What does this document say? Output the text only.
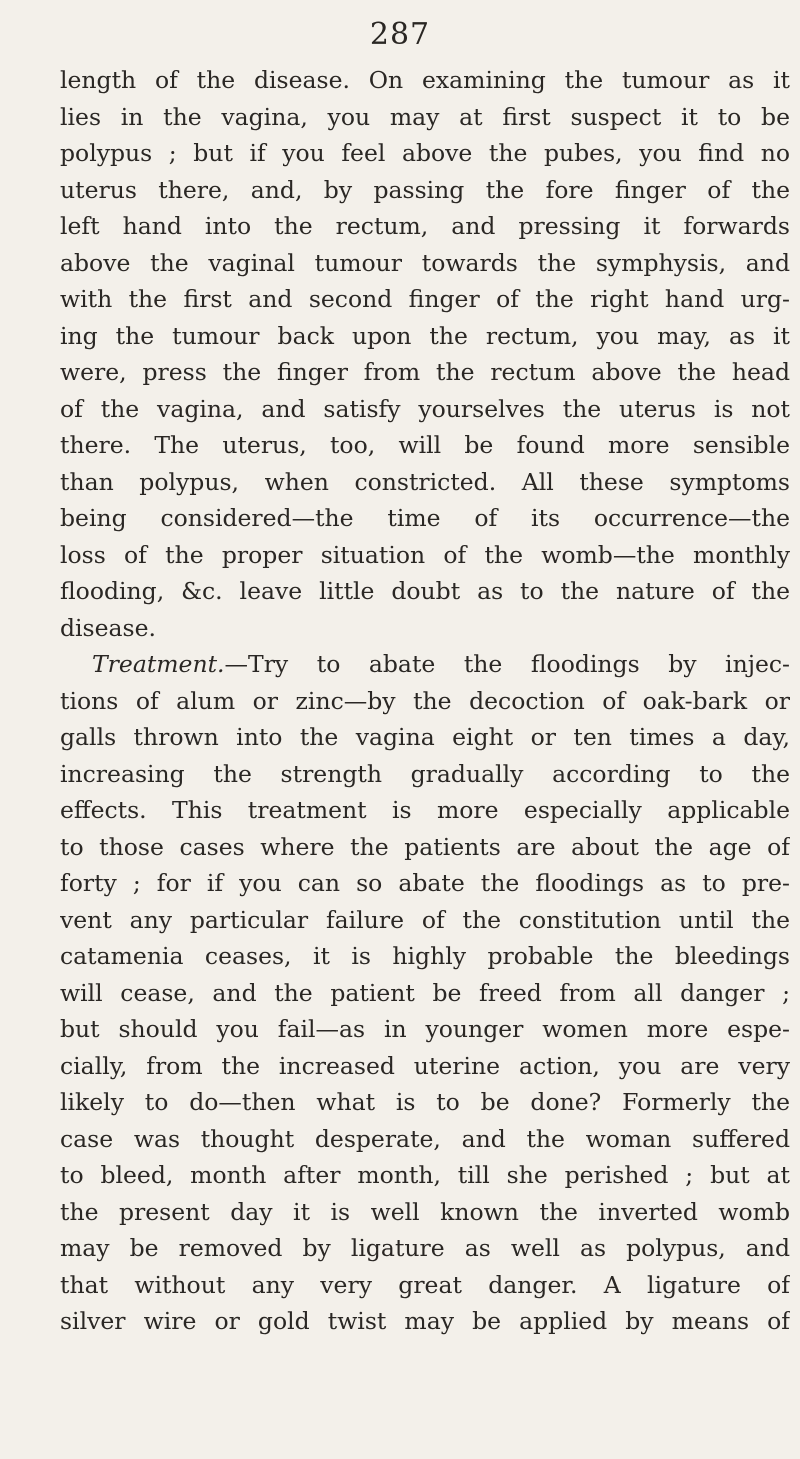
287
length of the disease. On examining the tumour as it
lies in the vagina, you may at first suspect it to be
polypus ; but if you feel above the pubes, you find no
uterus there, and, by passing the fore finger of the
left hand into the rectum, and pressing it forwards
above the vaginal tumour towards the symphysis, and
with the first and second finger of the right hand urg-
ing the tumour back upon the rectum, you may, as it
were, press the finger from the rectum above the head
of the vagina, and satisfy yourselves the uterus is not
there. The uterus, too, will be found more sensible
than polypus, when constricted. All these symptoms
being considered—the time of its occurrence—the
loss of the proper situation of the womb—the monthly
flooding, &c. leave little doubt as to the nature of the
disease.
Treatment.—Try to abate the floodings by injec-
tions of alum or zinc—by the decoction of oak-bark or
galls thrown into the vagina eight or ten times a day,
increasing the strength gradually according to the
effects. This treatment is more especially applicable
to those cases where the patients are about the age of
forty ; for if you can so abate the floodings as to pre-
vent any particular failure of the constitution until the
catamenia ceases, it is highly probable the bleedings
will cease, and the patient be freed from all danger ;
but should you fail—as in younger women more espe-
cially, from the increased uterine action, you are very
likely to do—then what is to be done? Formerly the
case was thought desperate, and the woman suffered
to bleed, month after month, till she perished ; but at
the present day it is well known the inverted womb
may be removed by ligature as well as polypus, and
that without any very great danger. A ligature of
silver wire or gold twist may be applied by means of
